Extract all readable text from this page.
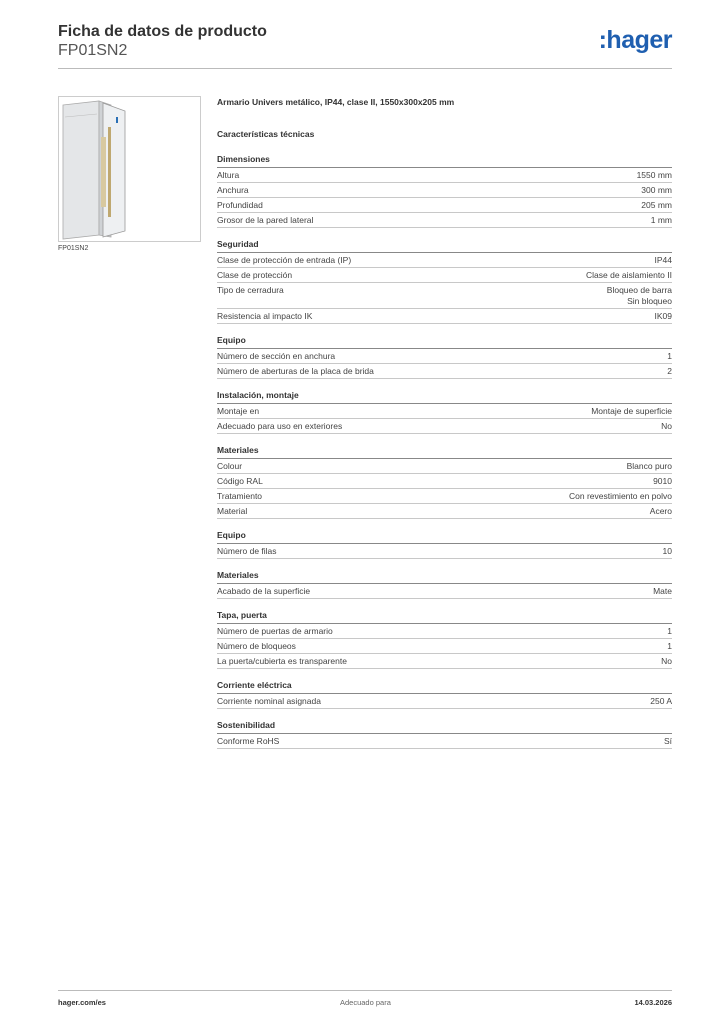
Ficha de datos de producto
FP01SN2	:hager
FP01SN2
Armario Univers metálico, IP44, clase II, 1550x300x205 mm
Características técnicas
Dimensiones
Altura	1550 mm
Anchura	300 mm
Profundidad	205 mm
Grosor de la pared lateral	1 mm
Seguridad
Clase de protección de entrada (IP)	IP44
Clase de protección	Clase de aislamiento II
Tipo de cerradura	Bloqueo de barra
Sin bloqueo
Resistencia al impacto IK	IK09
Equipo
Número de sección en anchura	1
Número de aberturas de la placa de brida	2
Instalación, montaje
Montaje en	Montaje de superficie
Adecuado para uso en exteriores	No
Materiales
Colour	Blanco puro
Código RAL	9010
Tratamiento	Con revestimiento en polvo
Material	Acero
Equipo
Número de filas	10
Materiales
Acabado de la superficie	Mate
Tapa, puerta
Número de puertas de armario	1
Número de bloqueos	1
La puerta/cubierta es transparente	No
Corriente eléctrica
Corriente nominal asignada	250 A
Sostenibilidad
Conforme RoHS	Sí
hager.com/es	Adecuado para	14.03.2026
